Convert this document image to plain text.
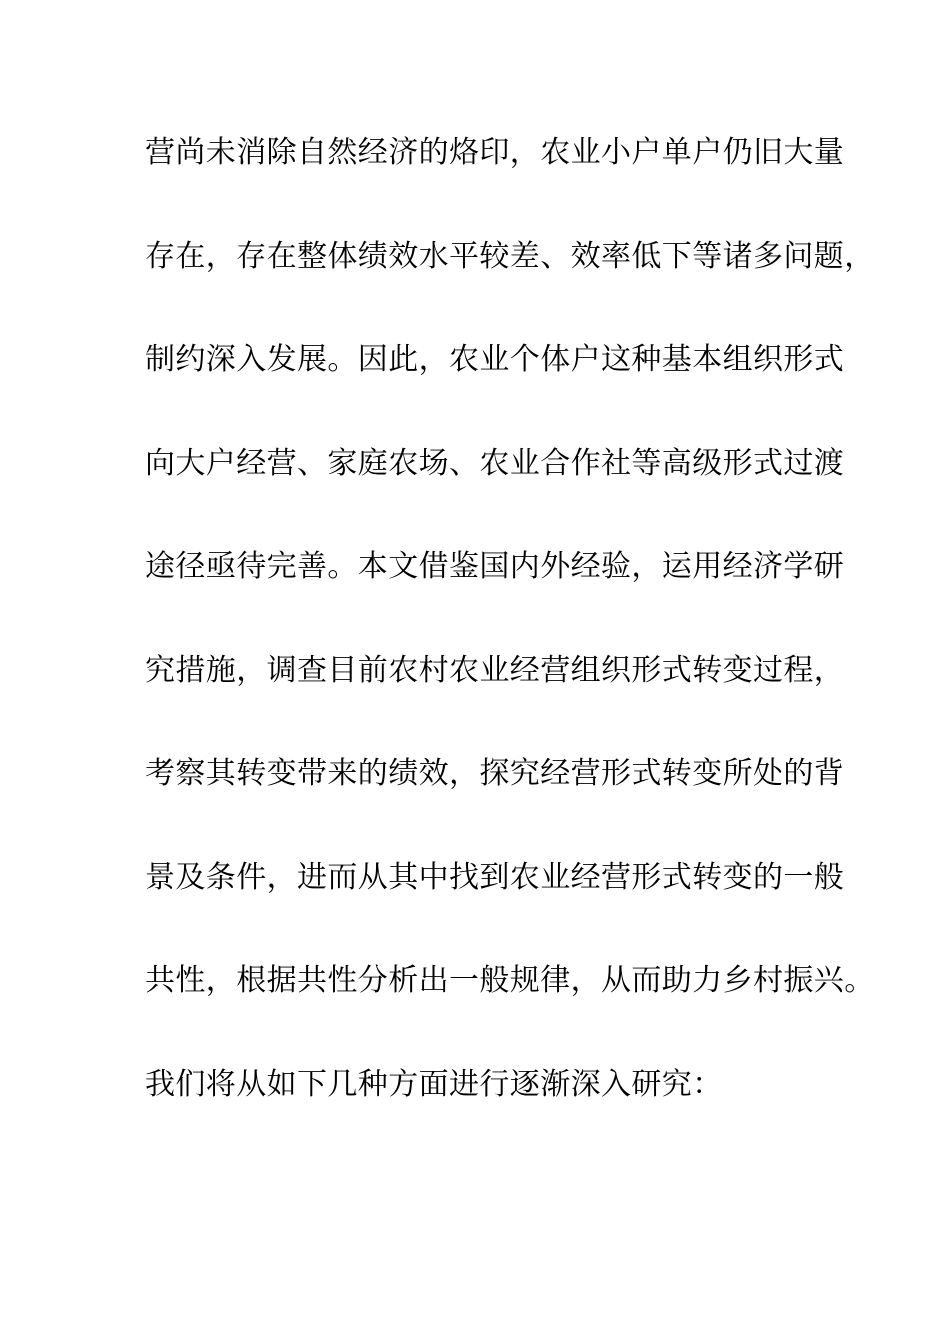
营尚未消除自然经济的烙印，农业小户单户仍旧大量
存在，存在整体绩效水平较差、效率低下等诸多问题，
制约深入发展。因此，农业个体户这种基本组织形式
向大户经营、家庭农场、农业合作社等高级形式过渡
途径亟待完善。本文借鉴国内外经验，运用经济学研
究措施，调查目前农村农业经营组织形式转变过程，
考察其转变带来的绩效，探究经营形式转变所处的背
景及条件，进而从其中找到农业经营形式转变的一般
共性，根据共性分析出一般规律，从而助力乡村振兴。
我们将从如下几种方面进行逐渐深入研究：
